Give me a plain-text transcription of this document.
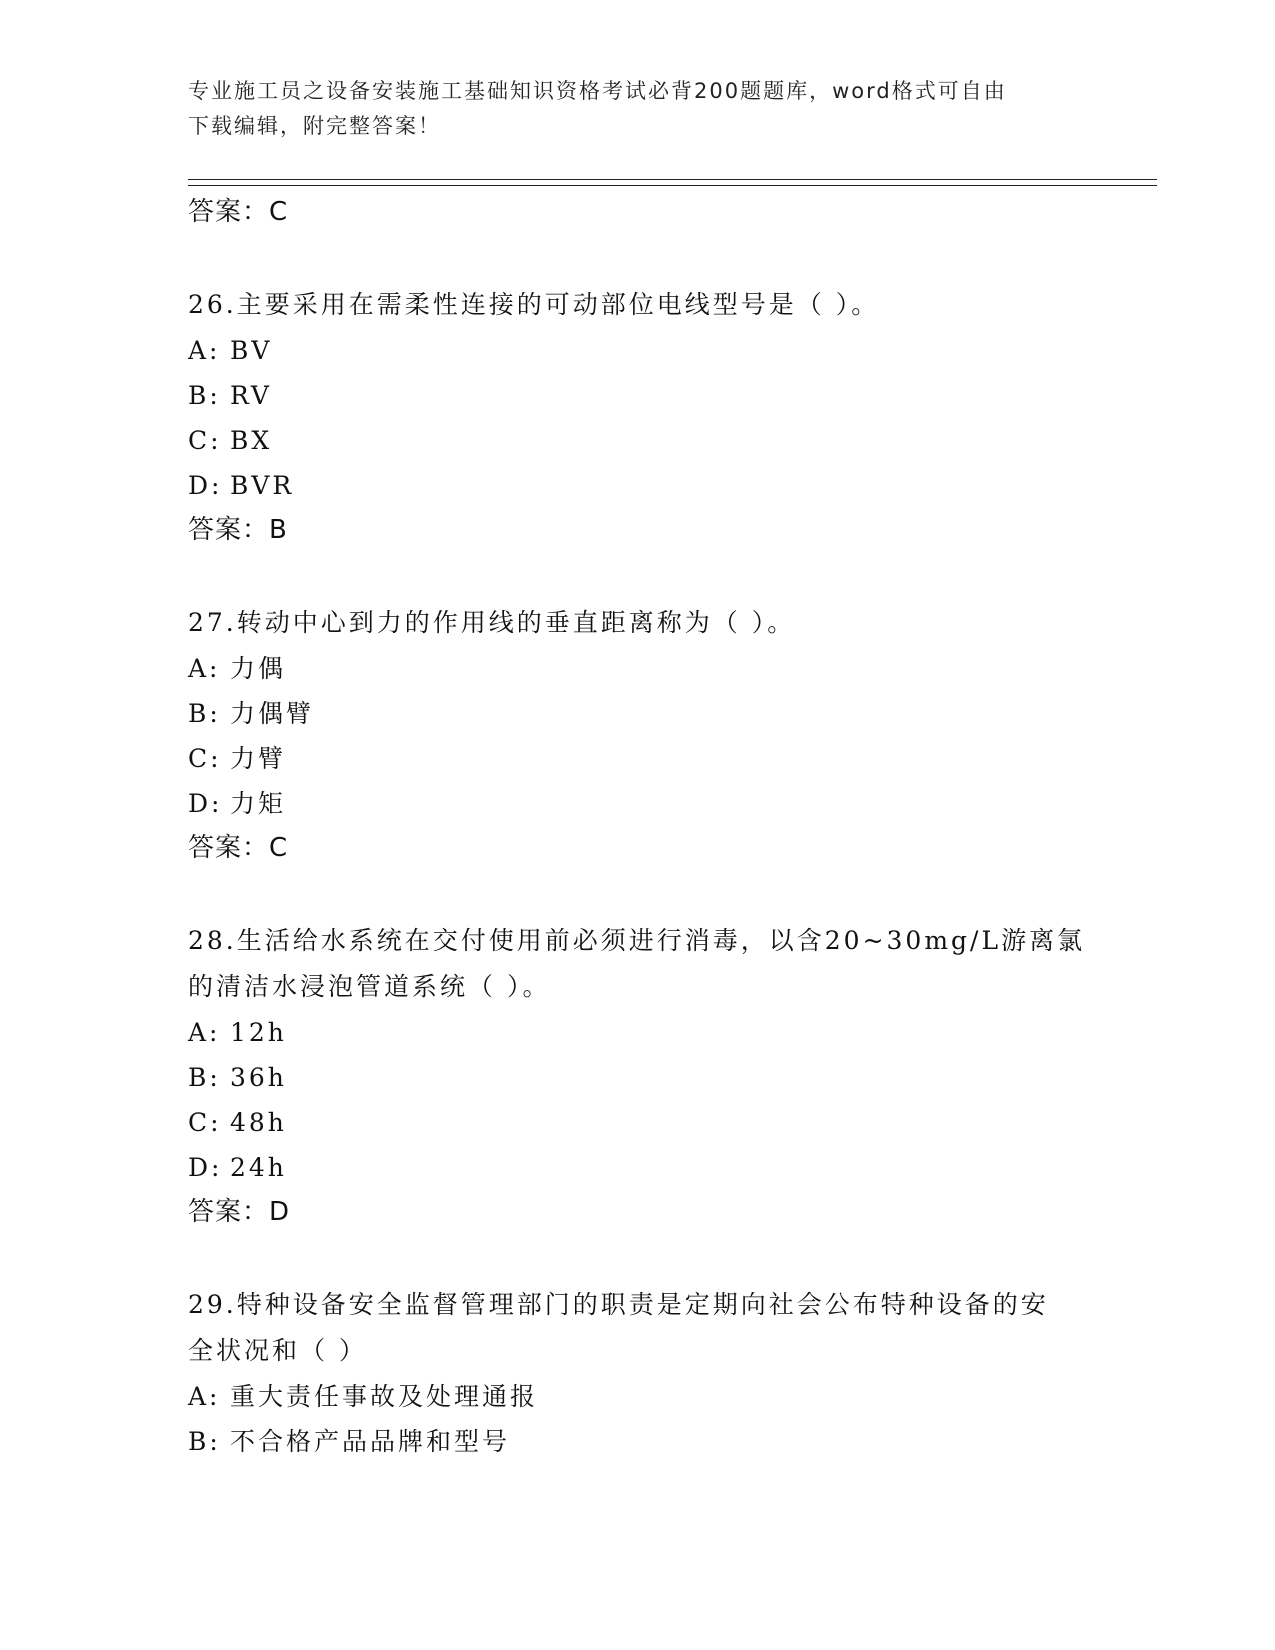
专业施工员之设备安装施工基础知识资格考试必背200题题库，word格式可自由
下载编辑，附完整答案！
答案：C
26.主要采用在需柔性连接的可动部位电线型号是（ ）。
A: BV
B: RV
C: BX
D: BVR
答案：B
27.转动中心到力的作用线的垂直距离称为（ ）。
A: 力偶
B: 力偶臂
C: 力臂
D: 力矩
答案：C
28.生活给水系统在交付使用前必须进行消毒，以含20~30mg/L游离氯
的清洁水浸泡管道系统（ ）。
A: 12h
B: 36h
C: 48h
D: 24h
答案：D
29.特种设备安全监督管理部门的职责是定期向社会公布特种设备的安
全状况和（ ）
A: 重大责任事故及处理通报
B: 不合格产品品牌和型号
